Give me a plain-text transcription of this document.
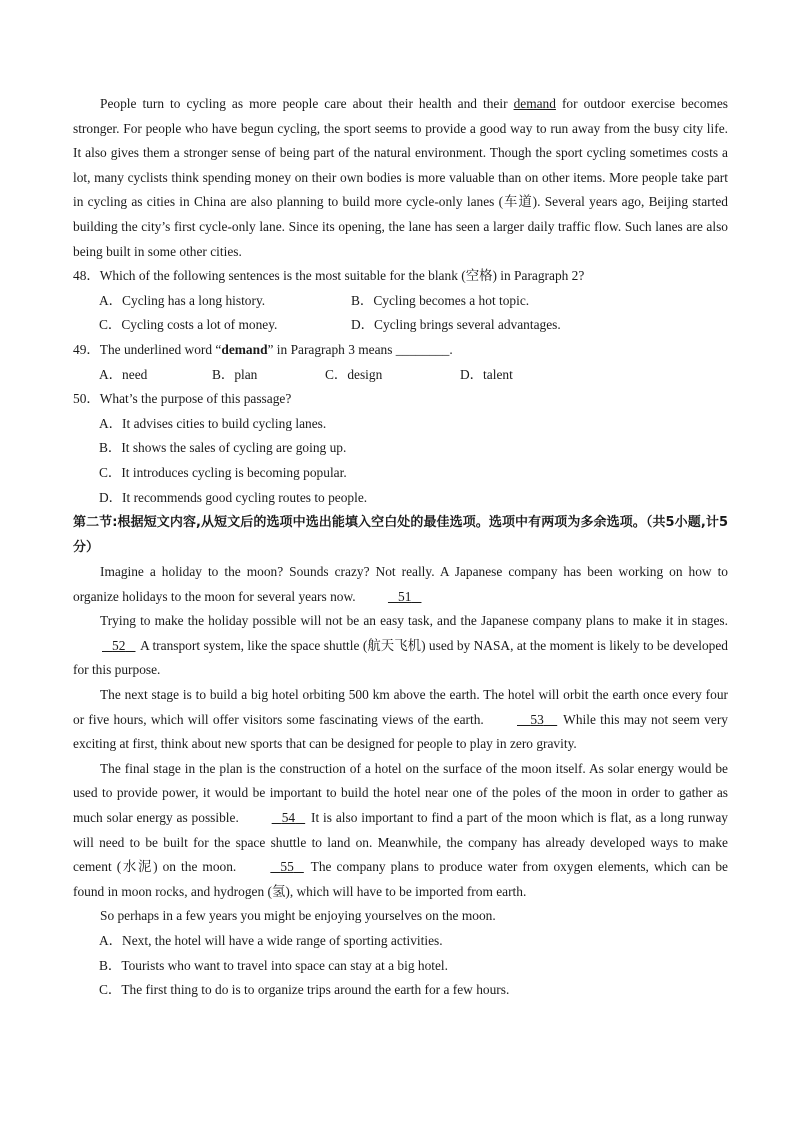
People turn to cycling as more people care about their health and their demand for outdoor exercise becomes stronger. For people who have begun cycling, the sport seems to provide a good way to run away from the busy city life. It also gives them a stronger sense of being part of the natural environment. Though the sport cycling sometimes costs a lot, many cyclists think spending money on their own bodies is more valuable than on other items. More people take part in cycling as cities in China are also planning to build more cycle-only lanes (车道). Several years ago, Beijing started building the city’s first cycle-only lane. Since its opening, the lane has seen a larger daily traffic flow. Such lanes are also being built in some other cities.

48．Which of the following sentences is the most suitable for the blank (空格) in Paragraph 2?
A．Cycling has a long history.	B．Cycling becomes a hot topic.
C．Cycling costs a lot of money.	D．Cycling brings several advantages.
49．The underlined word “demand” in Paragraph 3 means ________.
A．need	B．plan	C．design	D．talent
50．What’s the purpose of this passage?
A．It advises cities to build cycling lanes.
B．It shows the sales of cycling are going up.
C．It introduces cycling is becoming popular.
D．It recommends good cycling routes to people.

第二节:根据短文内容,从短文后的选项中选出能填入空白处的最佳选项。选项中有两项为多余选项。（共5小题,计5分）

Imagine a holiday to the moon? Sounds crazy? Not really. A Japanese company has been working on how to organize holidays to the moon for several years now.	51

Trying to make the holiday possible will not be an easy task, and the Japanese company plans to make it in stages.    52    A transport system, like the space shuttle (航天飞机) used by NASA, at the moment is likely to be developed for this purpose.

The next stage is to build a big hotel orbiting 500 km above the earth. The hotel will orbit the earth once every four or five hours, which will offer visitors some fascinating views of the earth.	53     While this may not seem very exciting at first, think about new sports that can be designed for people to play in zero gravity.

The final stage in the plan is the construction of a hotel on the surface of the moon itself. As solar energy would be used to provide power, it would be important to build the hotel near one of the poles of the moon in order to gather as much solar energy as possible.	54    It is also important to find a part of the moon which is flat, as a long runway will need to be built for the space shuttle to land on. Meanwhile, the company has already developed ways to make cement (水泥) on the moon.	55    The company plans to produce water from oxygen elements, which can be found in moon rocks, and hydrogen (氢), which will have to be imported from earth.

So perhaps in a few years you might be enjoying yourselves on the moon.

A．Next, the hotel will have a wide range of sporting activities.
B．Tourists who want to travel into space can stay at a big hotel.
C．The first thing to do is to organize trips around the earth for a few hours.
